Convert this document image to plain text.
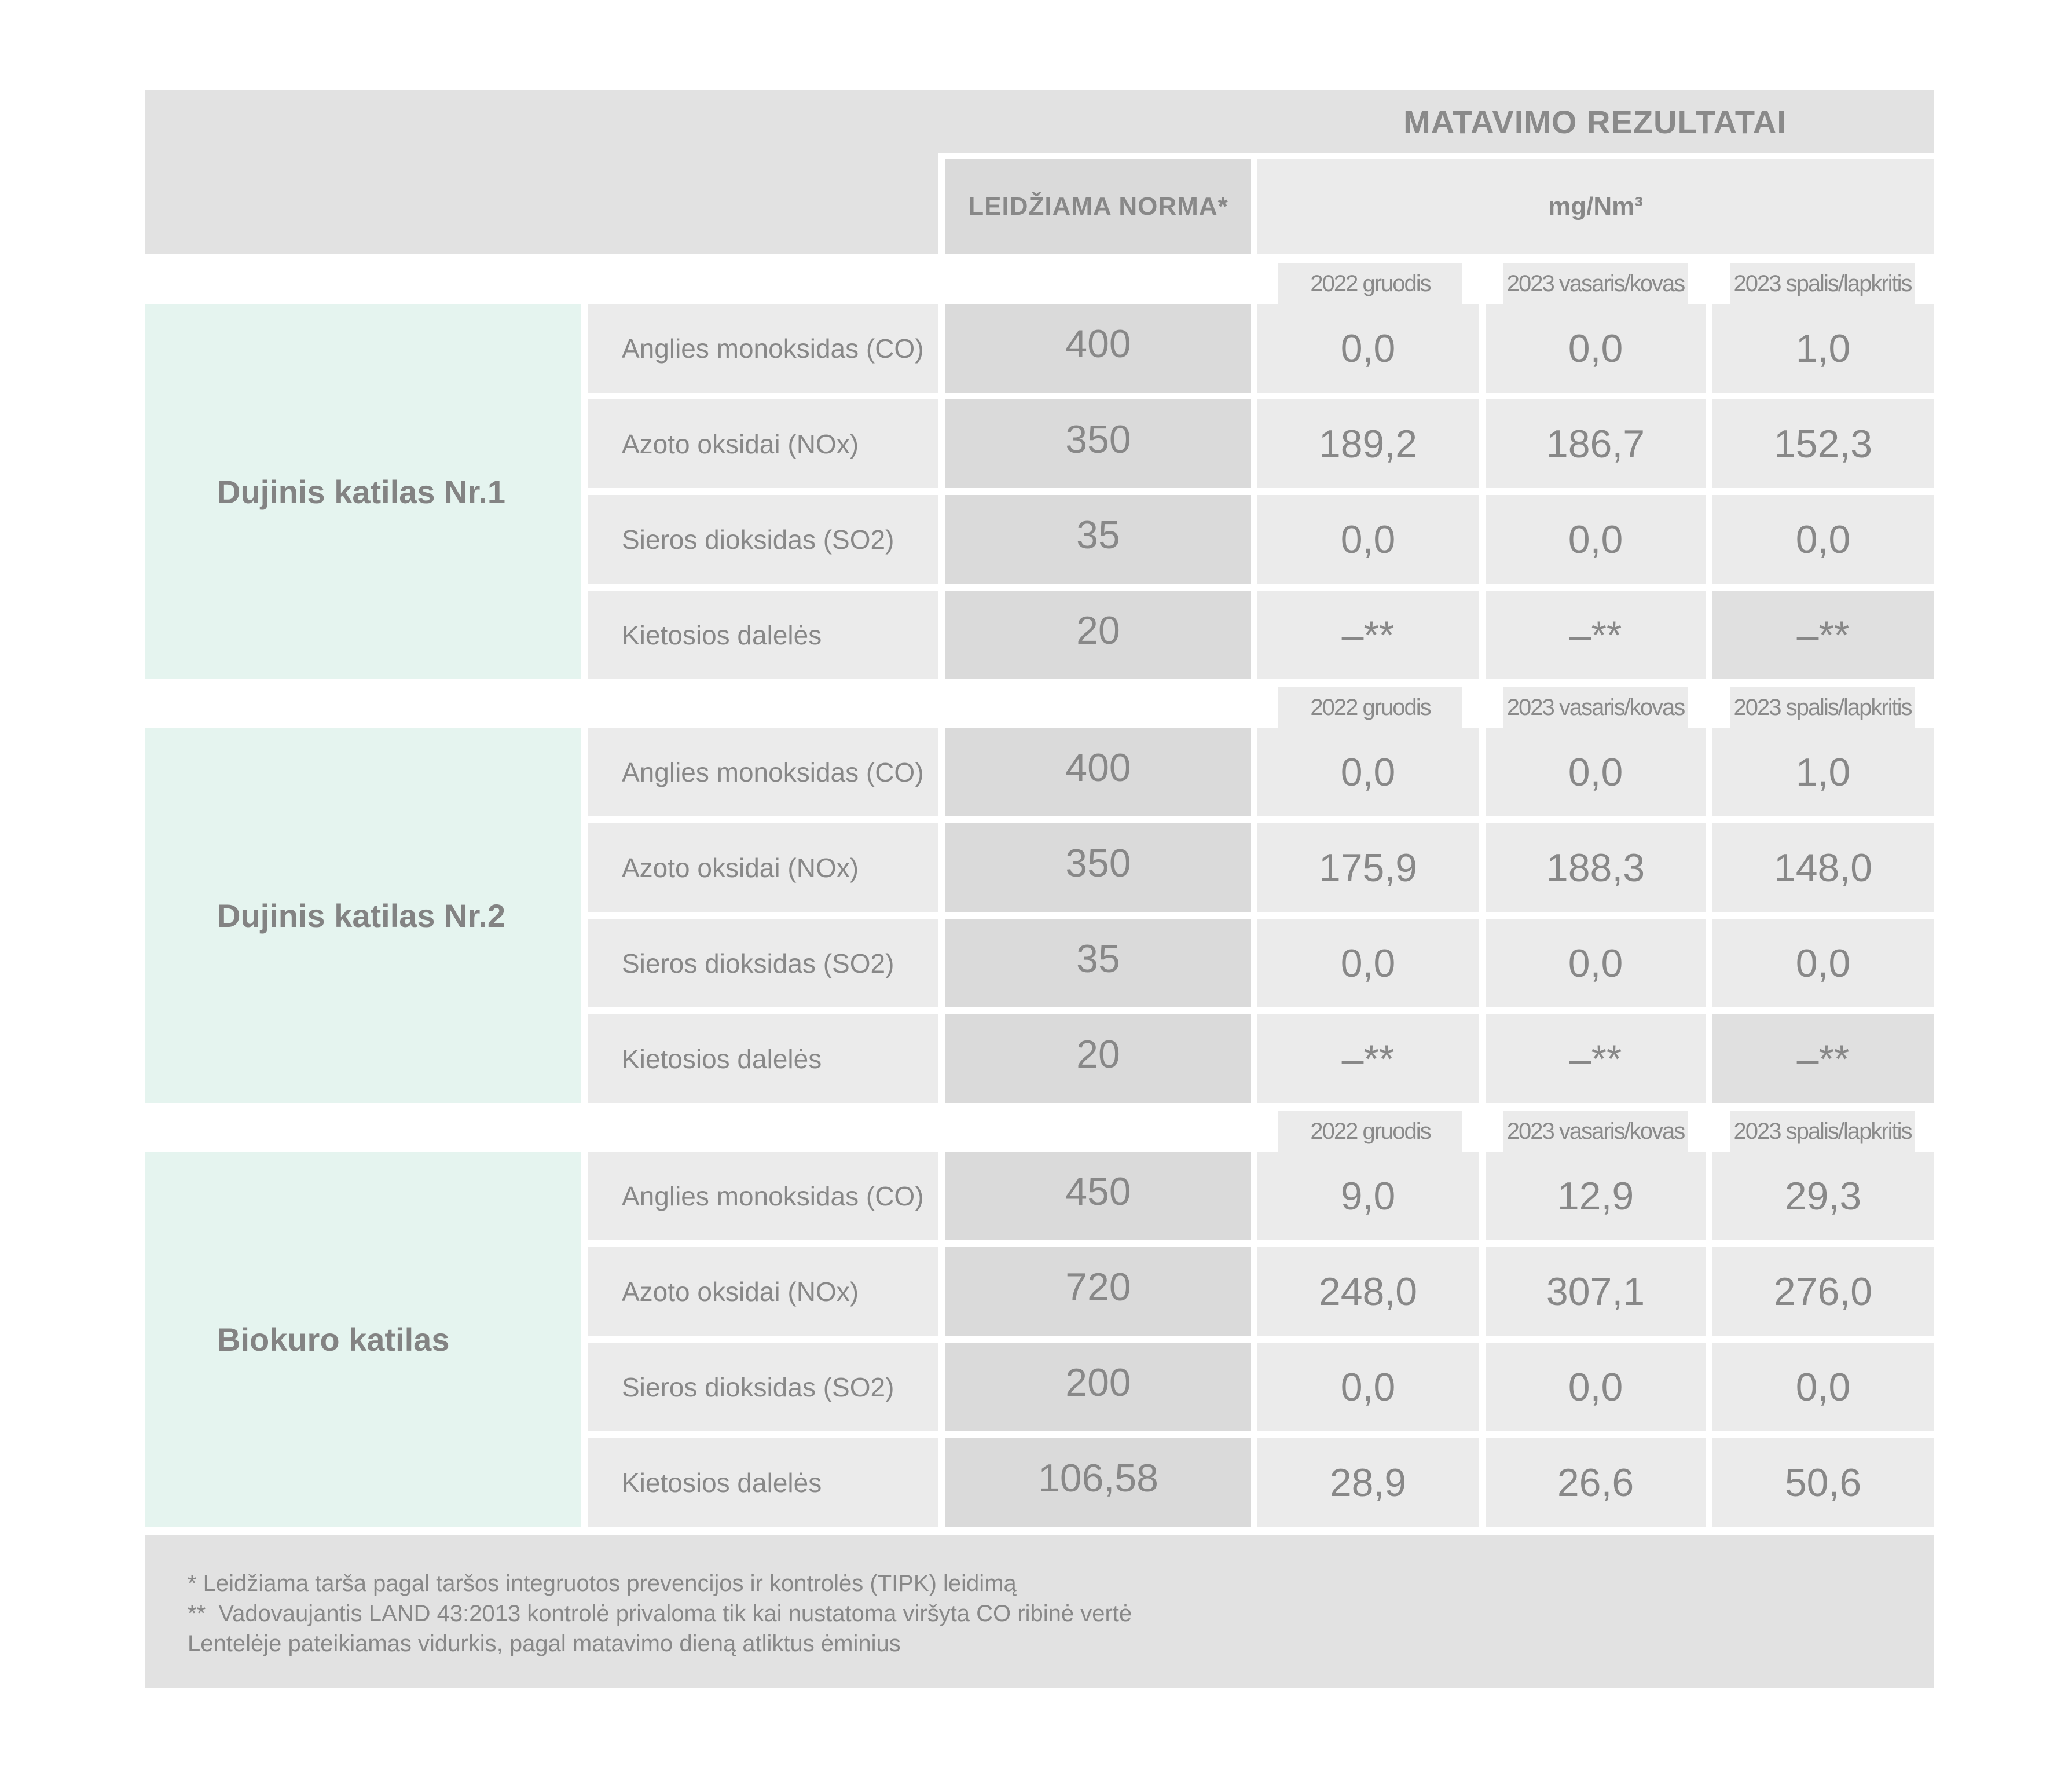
MATAVIMO REZULTATAI
LEIDŽIAMA NORMA*	mg/Nm³
2022 gruodis	2023 vasaris/kovas 2023 spalis/lapkritis
Dujinis katilas Nr.1
Anglies monoksidas (CO)	400	0,0	0,0	1,0
Azoto oksidai (NOx)	350	189,2	186,7	152,3
Sieros dioksidas (SO2)	35	0,0	0,0	0,0
Kietosios dalelės	20	–**	–**	–**
2022 gruodis	2023 vasaris/kovas 2023 spalis/lapkritis
Dujinis katilas Nr.2
Anglies monoksidas (CO)	400	0,0	0,0	1,0
Azoto oksidai (NOx)	350	175,9	188,3	148,0
Sieros dioksidas (SO2)	35	0,0	0,0	0,0
Kietosios dalelės	20	–**	–**	–**
2022 gruodis	2023 vasaris/kovas 2023 spalis/lapkritis
Biokuro katilas
Anglies monoksidas (CO)	450	9,0	12,9	29,3
Azoto oksidai (NOx)	720	248,0	307,1	276,0
Sieros dioksidas (SO2)	200	0,0	0,0	0,0
Kietosios dalelės	106,58	28,9	26,6	50,6
* Leidžiama tarša pagal taršos integruotos prevencijos ir kontrolės (TIPK) leidimą
**  Vadovaujantis LAND 43:2013 kontrolė privaloma tik kai nustatoma viršyta CO ribinė vertė
Lentelėje pateikiamas vidurkis, pagal matavimo dieną atliktus ėminius
